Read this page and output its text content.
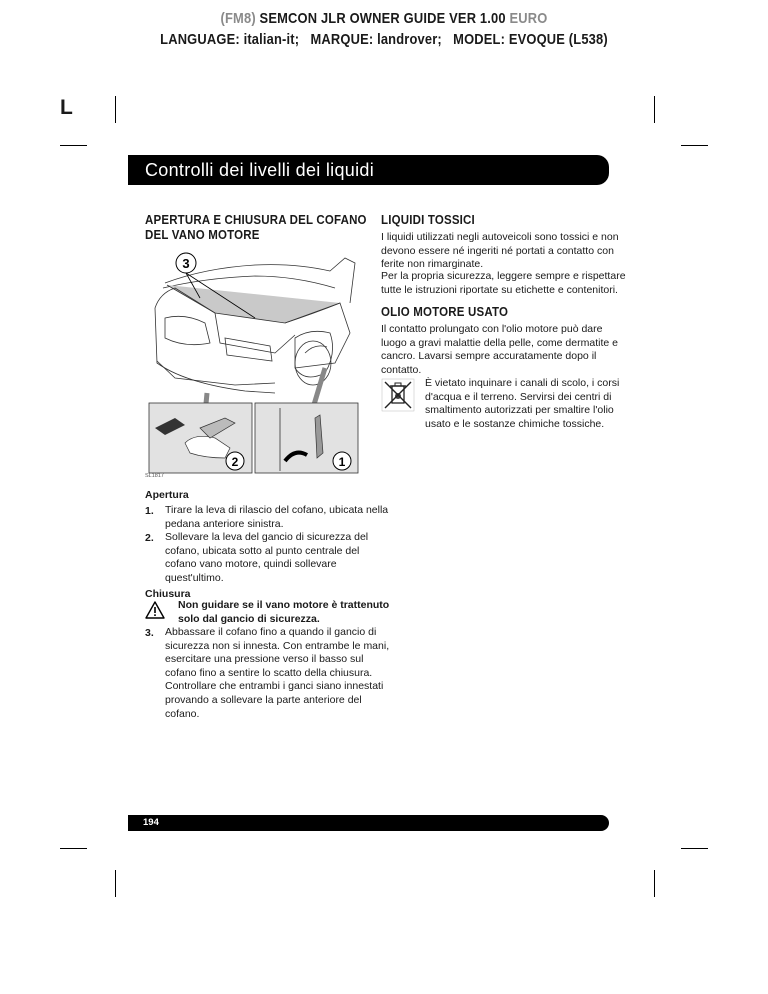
(FM8) SEMCON JLR OWNER GUIDE VER 1.00 EURO
LANGUAGE: italian-it; MARQUE: landrover; MODEL: EVOQUE (L538)
L
Controlli dei livelli dei liquidi
APERTURA E CHIUSURA DEL COFANO
DEL VANO MOTORE
3
2	1
SL1817
Apertura
1. Tirare la leva di rilascio del cofano, ubicata nella
pedana anteriore sinistra.
2. Sollevare la leva del gancio di sicurezza del
cofano, ubicata sotto al punto centrale del
cofano vano motore, quindi sollevare
quest'ultimo.
Chiusura
Non guidare se il vano motore è trattenuto
solo dal gancio di sicurezza.
3. Abbassare il cofano fino a quando il gancio di
sicurezza non si innesta. Con entrambe le mani,
esercitare una pressione verso il basso sul
cofano fino a sentire lo scatto della chiusura.
Controllare che entrambi i ganci siano innestati
provando a sollevare la parte anteriore del
cofano.
LIQUIDI TOSSICI
I liquidi utilizzati negli autoveicoli sono tossici e non
devono essere né ingeriti né portati a contatto con
ferite non rimarginate.
Per la propria sicurezza, leggere sempre e rispettare
tutte le istruzioni riportate su etichette e contenitori.
OLIO MOTORE USATO
Il contatto prolungato con l'olio motore può dare
luogo a gravi malattie della pelle, come dermatite e
cancro. Lavarsi sempre accuratamente dopo il
contatto.
È vietato inquinare i canali di scolo, i corsi
d'acqua e il terreno. Servirsi dei centri di
smaltimento autorizzati per smaltire l'olio
usato e le sostanze chimiche tossiche.
194
